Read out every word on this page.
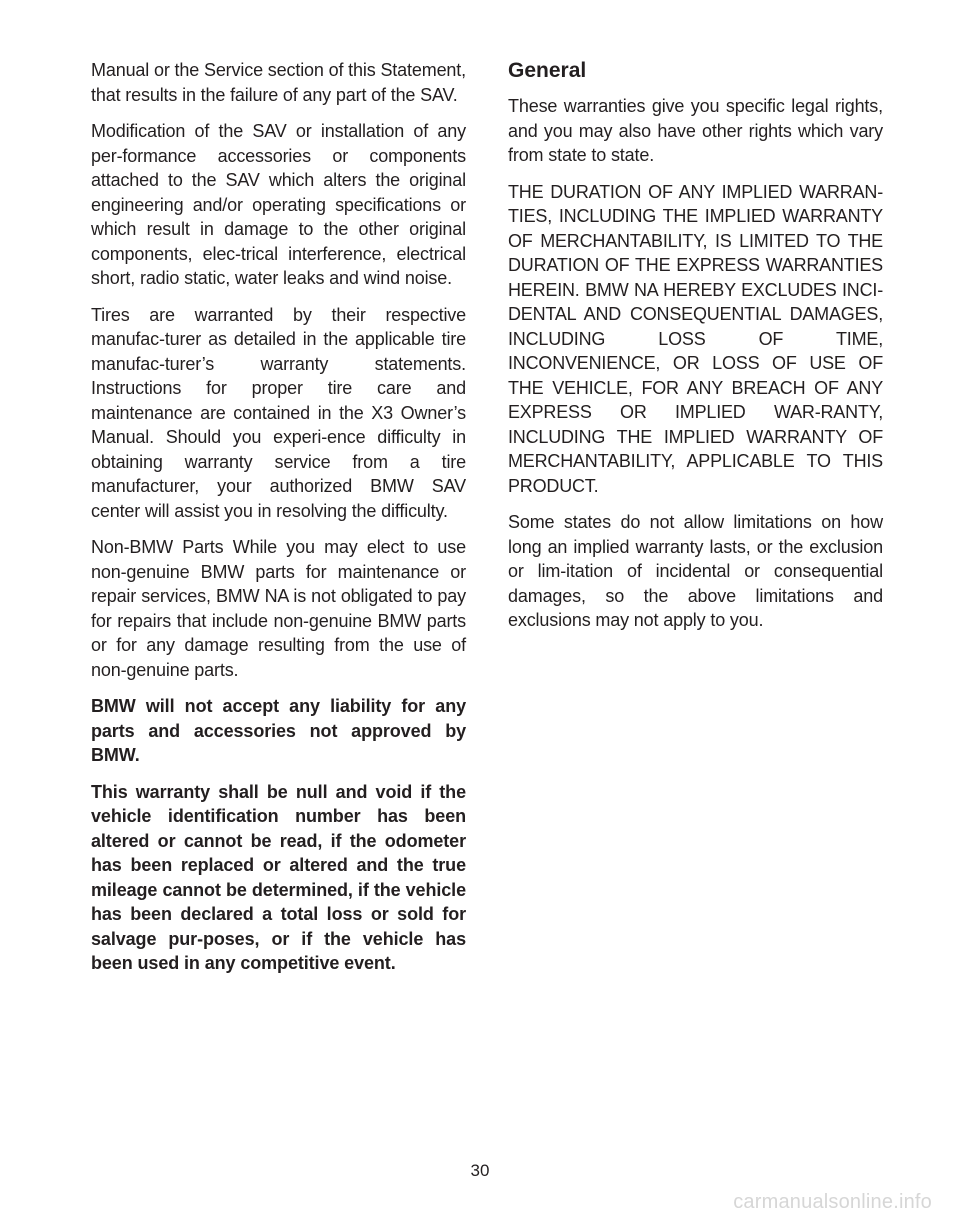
Manual or the Service section of this Statement, that results in the failure of any part of the SAV.

Modification of the SAV or installation of any per-formance accessories or components attached to the SAV which alters the original engineering and/or operating specifications or which result in damage to the other original components, elec-trical interference, electrical short, radio static, water leaks and wind noise.

Tires are warranted by their respective manufac-turer as detailed in the applicable tire manufac-turer’s warranty statements. Instructions for proper tire care and maintenance are contained in the X3 Owner’s Manual. Should you experi-ence difficulty in obtaining warranty service from a tire manufacturer, your authorized BMW SAV center will assist you in resolving the difficulty.

Non-BMW Parts While you may elect to use non-genuine BMW parts for maintenance or repair services, BMW NA is not obligated to pay for repairs that include non-genuine BMW parts or for any damage resulting from the use of non-genuine parts.

BMW will not accept any liability for any parts and accessories not approved by BMW.

This warranty shall be null and void if the vehicle identification number has been altered or cannot be read, if the odometer has been replaced or altered and the true mileage cannot be determined, if the vehicle has been declared a total loss or sold for salvage pur-poses, or if the vehicle has been used in any competitive event.

General

These warranties give you specific legal rights, and you may also have other rights which vary from state to state.

THE DURATION OF ANY IMPLIED WARRAN-TIES, INCLUDING THE IMPLIED WARRANTY OF MERCHANTABILITY, IS LIMITED TO THE DURATION OF THE EXPRESS WARRANTIES HEREIN. BMW NA HEREBY EXCLUDES INCI-DENTAL AND CONSEQUENTIAL DAMAGES, INCLUDING LOSS OF TIME, INCONVENIENCE, OR LOSS OF USE OF THE VEHICLE, FOR ANY BREACH OF ANY EXPRESS OR IMPLIED WAR-RANTY, INCLUDING THE IMPLIED WARRANTY OF MERCHANTABILITY, APPLICABLE TO THIS PRODUCT.

Some states do not allow limitations on how long an implied warranty lasts, or the exclusion or lim-itation of incidental or consequential damages, so the above limitations and exclusions may not apply to you.

30
carmanualsonline.info
